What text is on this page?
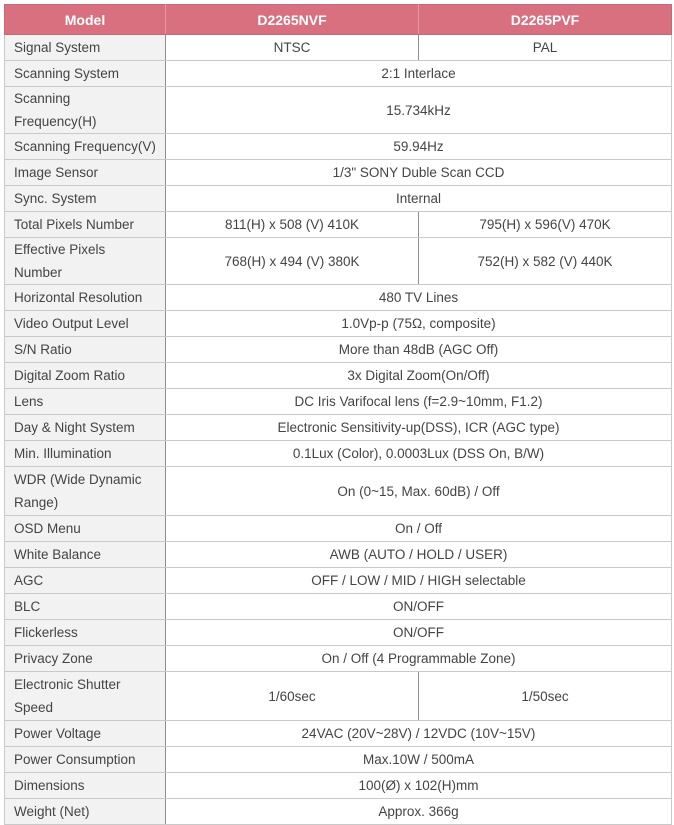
Model	D2265NVF	D2265PVF
Signal System	NTSC	PAL
Scanning System	2:1 Interlace	
Scanning Frequency(H)	15.734kHz	
Scanning Frequency(V)	59.94Hz	
Image Sensor	1/3" SONY Duble Scan CCD	
Sync. System	Internal	
Total Pixels Number	811(H) x 508 (V) 410K	795(H) x 596(V) 470K
Effective Pixels Number	768(H) x 494 (V) 380K	752(H) x 582 (V) 440K
Horizontal Resolution	480 TV Lines	
Video Output Level	1.0Vp-p (75Ω, composite)	
S/N Ratio	More than 48dB (AGC Off)	
Digital Zoom Ratio	3x Digital Zoom(On/Off)	
Lens	DC Iris Varifocal lens (f=2.9~10mm, F1.2)	
Day & Night System	Electronic Sensitivity-up(DSS), ICR (AGC type)	
Min. Illumination	0.1Lux (Color), 0.0003Lux (DSS On, B/W)	
WDR (Wide Dynamic Range)	On (0~15, Max. 60dB) / Off	
OSD Menu	On / Off	
White Balance	AWB (AUTO / HOLD / USER)	
AGC	OFF / LOW / MID / HIGH selectable	
BLC	ON/OFF	
Flickerless	ON/OFF	
Privacy Zone	On / Off (4 Programmable Zone)	
Electronic Shutter Speed	1/60sec	1/50sec
Power Voltage	24VAC (20V~28V) / 12VDC (10V~15V)	
Power Consumption	Max.10W / 500mA	
Dimensions	100(Ø) x 102(H)mm	
Weight (Net)	Approx. 366g	
